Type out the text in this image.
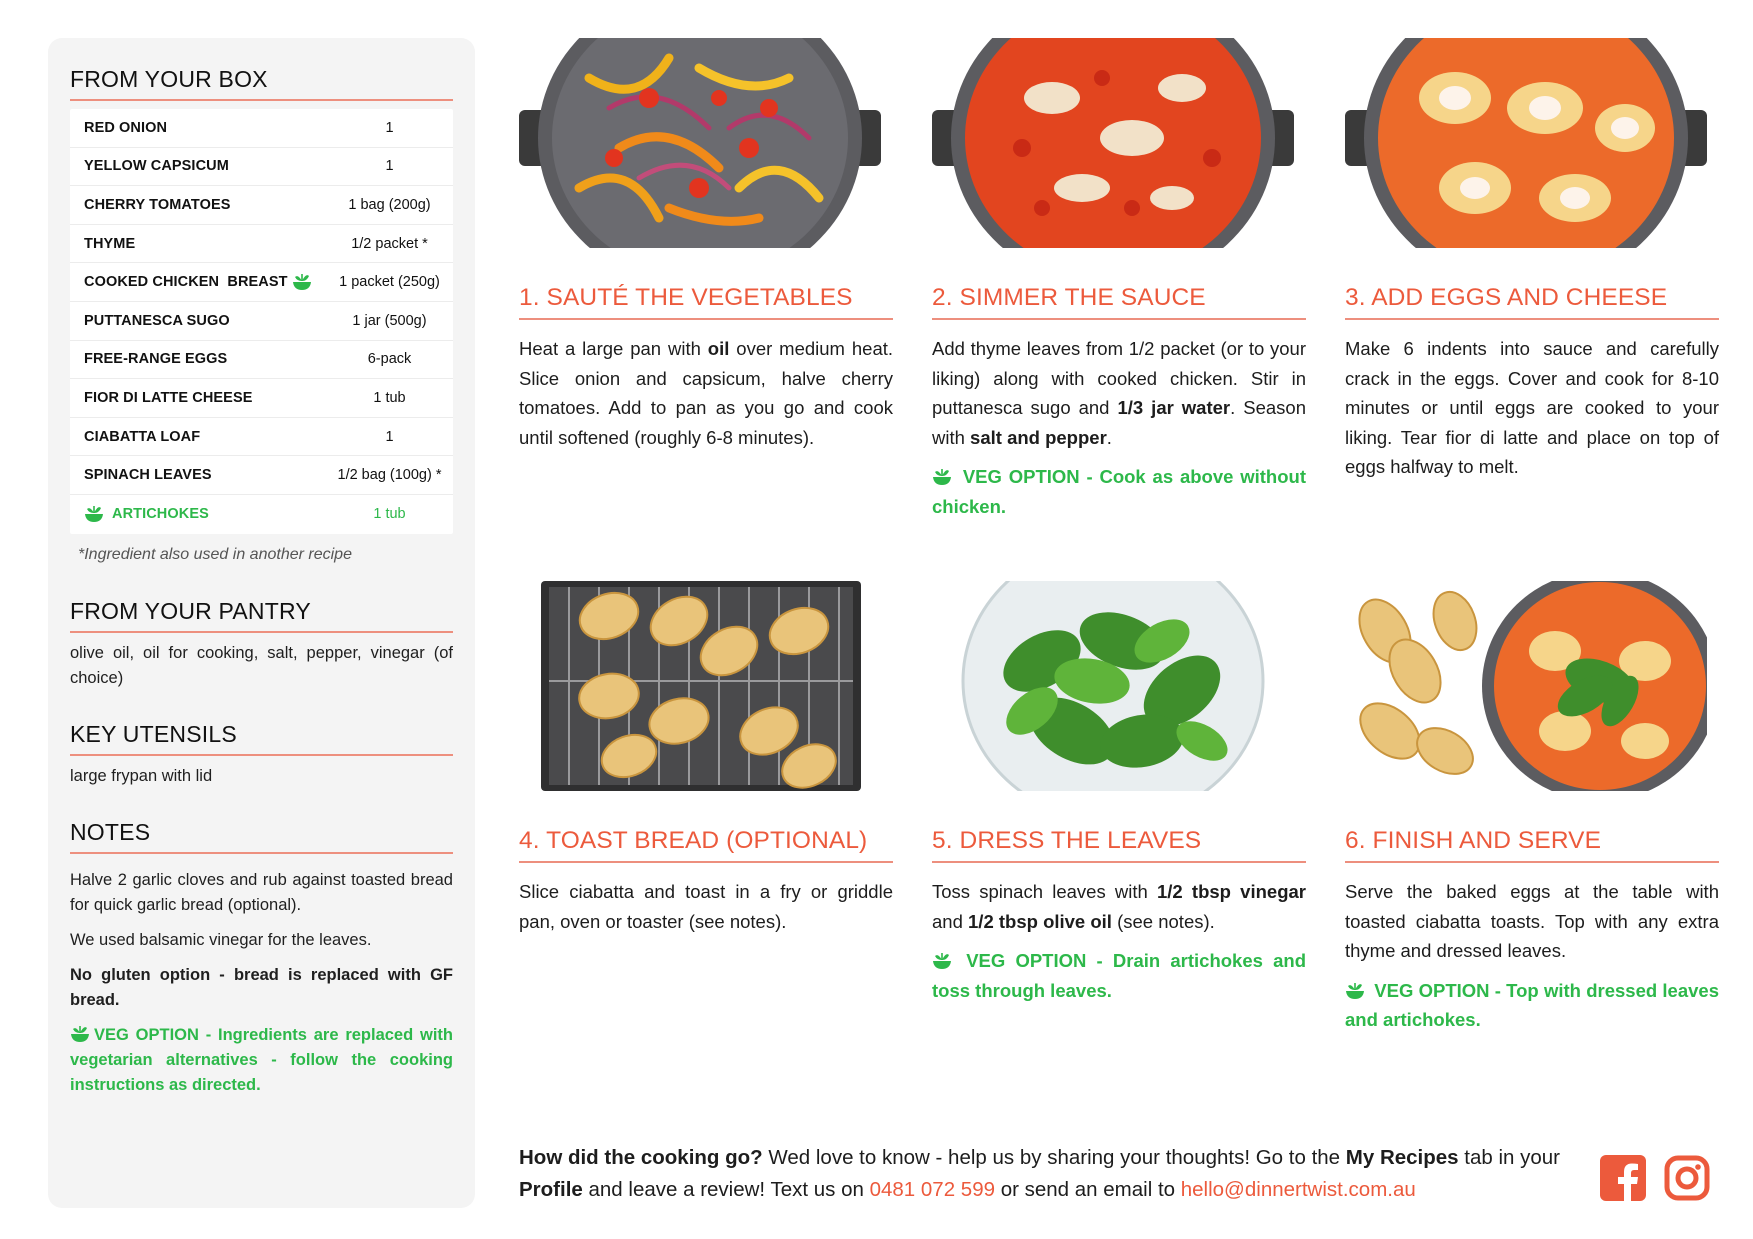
FROM YOUR BOX
RED ONION	1
YELLOW CAPSICUM	1
CHERRY TOMATOES	1 bag (200g)
THYME	1/2 packet *
COOKED CHICKEN  BREAST	1 packet (250g)
PUTTANESCA SUGO	1 jar (500g)
FREE-RANGE EGGS	6-pack
FIOR DI LATTE CHEESE	1 tub
CIABATTA LOAF	1
SPINACH LEAVES	1/2 bag (100g) *
ARTICHOKES	1 tub
*Ingredient also used in another recipe
FROM YOUR PANTRY
olive oil, oil for cooking, salt, pepper, vinegar (of choice)
KEY UTENSILS
large frypan with lid
NOTES

Halve 2 garlic cloves and rub against toasted bread for quick garlic bread (optional).

We used balsamic vinegar for the leaves.

No gluten option - bread is replaced with GF bread.

VEG OPTION - Ingredients are replaced with vegetarian alternatives - follow the cooking instructions as directed.

1. SAUTÉ THE VEGETABLES

Heat a large pan with oil over medium heat. Slice onion and capsicum, halve cherry tomatoes. Add to pan as you go and cook until softened (roughly 6-8 minutes).

2. SIMMER THE SAUCE

Add thyme leaves from 1/2 packet (or to your liking) along with cooked chicken. Stir in puttanesca sugo and 1/3 jar water. Season with salt and pepper.

VEG OPTION - Cook as above without chicken.

3. ADD EGGS AND CHEESE

Make 6 indents into sauce and carefully crack in the eggs. Cover and cook for 8-10 minutes or until eggs are cooked to your liking. Tear fior di latte and place on top of eggs halfway to melt.

4. TOAST BREAD (OPTIONAL)

Slice ciabatta and toast in a fry or griddle pan, oven or toaster (see notes).

5. DRESS THE LEAVES

Toss spinach leaves with 1/2 tbsp vinegar and 1/2 tbsp olive oil (see notes).

VEG OPTION - Drain artichokes and toss through leaves.

6. FINISH AND SERVE

Serve the baked eggs at the table with toasted ciabatta toasts. Top with any extra thyme and dressed leaves.

VEG OPTION - Top with dressed leaves and artichokes.

How did the cooking go? Wed love to know - help us by sharing your thoughts! Go to the My Recipes tab in your Profile and leave a review! Text us on 0481 072 599 or send an email to hello@dinnertwist.com.au
